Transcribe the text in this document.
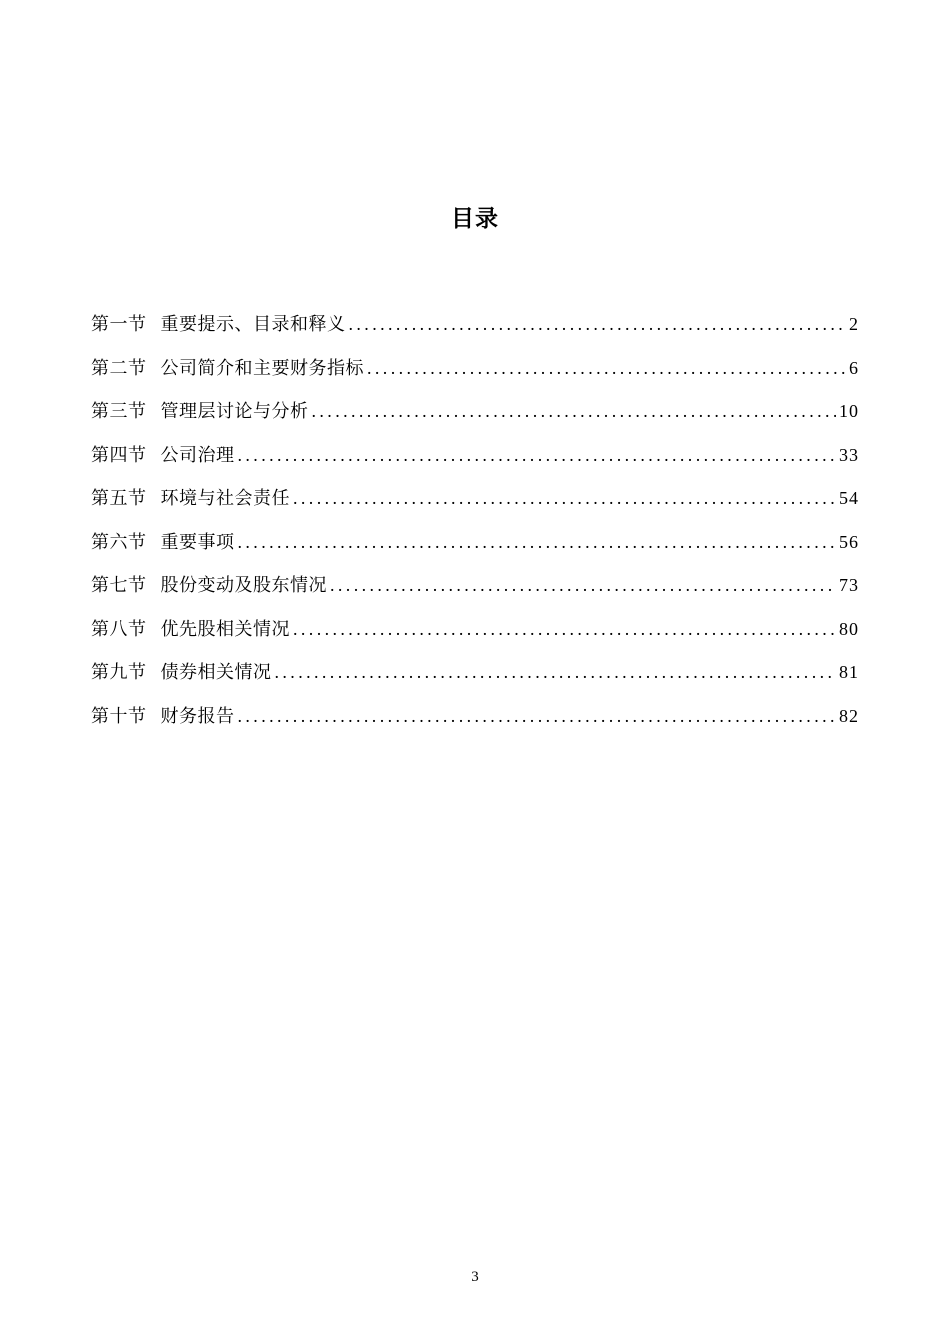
目录
第一节 重要提示、目录和释义 .....	2
第二节 公司简介和主要财务指标 .....	6
第三节 管理层讨论与分析 .....	10
第四节 公司治理 .....	33
第五节 环境与社会责任 .....	54
第六节 重要事项 .....	56
第七节 股份变动及股东情况 .....	73
第八节 优先股相关情况 .....	80
第九节 债券相关情况 .....	81
第十节 财务报告 .....	82
3
